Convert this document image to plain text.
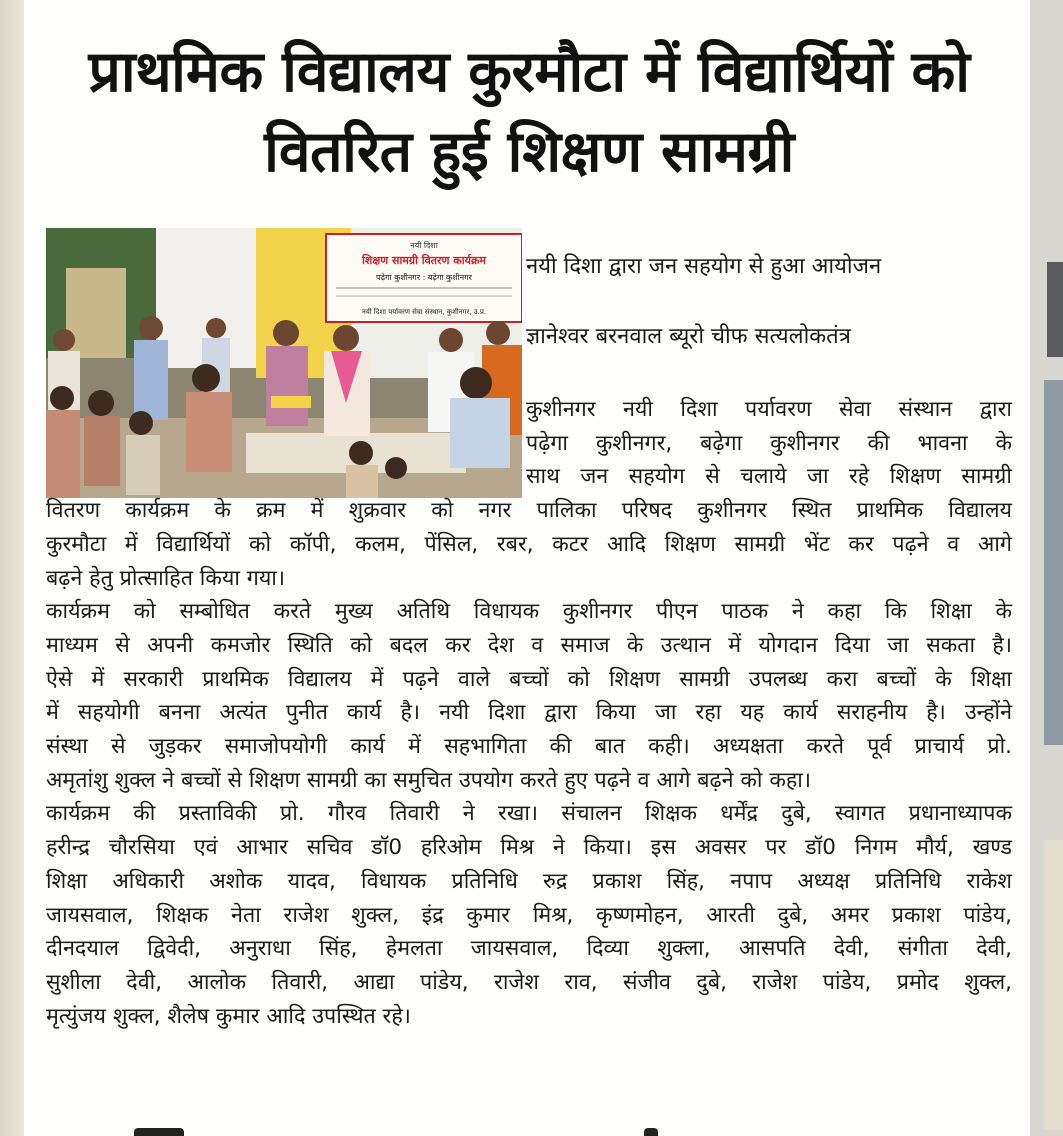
प्राथमिक विद्यालय कुरमौटा में विद्यार्थियों को वितरित हुई शिक्षण सामग्री
नयी दिशा
शिक्षण सामग्री वितरण कार्यक्रम
पढ़ेगा कुशीनगर : बढ़ेगा कुशीनगर
नयी दिशा पर्यावरण सेवा संस्थान, कुशीनगर, उ.प्र.

नयी दिशा द्वारा जन सहयोग से हुआ आयोजन

ज्ञानेश्वर बरनवाल ब्यूरो चीफ सत्यलोकतंत्र

कुशीनगर नयी दिशा पर्यावरण सेवा संस्थान द्वारा

पढ़ेगा कुशीनगर, बढ़ेगा कुशीनगर की भावना के

साथ जन सहयोग से चलाये जा रहे शिक्षण सामग्री

वितरण कार्यक्रम के क्रम में शुक्रवार को नगर पालिका परिषद कुशीनगर स्थित प्राथमिक विद्यालय

कुरमौटा में विद्यार्थियों को कॉपी, कलम, पेंसिल, रबर, कटर आदि शिक्षण सामग्री भेंट कर पढ़ने व आगे

बढ़ने हेतु प्रोत्साहित किया गया।

कार्यक्रम को सम्बोधित करते मुख्य अतिथि विधायक कुशीनगर पीएन पाठक ने कहा कि शिक्षा के

माध्यम से अपनी कमजोर स्थिति को बदल कर देश व समाज के उत्थान में योगदान दिया जा सकता है।

ऐसे में सरकारी प्राथमिक विद्यालय में पढ़ने वाले बच्चों को शिक्षण सामग्री उपलब्ध करा बच्चों के शिक्षा

में सहयोगी बनना अत्यंत पुनीत कार्य है। नयी दिशा द्वारा किया जा रहा यह कार्य सराहनीय है। उन्होंने

संस्था से जुड़कर समाजोपयोगी कार्य में सहभागिता की बात कही। अध्यक्षता करते पूर्व प्राचार्य प्रो.

अमृतांशु शुक्ल ने बच्चों से शिक्षण सामग्री का समुचित उपयोग करते हुए पढ़ने व आगे बढ़ने को कहा।

कार्यक्रम की प्रस्ताविकी प्रो. गौरव तिवारी ने रखा। संचालन शिक्षक धर्मेंद्र दुबे, स्वागत प्रधानाध्यापक

हरीन्द्र चौरसिया एवं आभार सचिव डॉ0 हरिओम मिश्र ने किया। इस अवसर पर डॉ0 निगम मौर्य, खण्ड

शिक्षा अधिकारी अशोक यादव, विधायक प्रतिनिधि रुद्र प्रकाश सिंह, नपाप अध्यक्ष प्रतिनिधि राकेश

जायसवाल, शिक्षक नेता राजेश शुक्ल, इंद्र कुमार मिश्र, कृष्णमोहन, आरती दुबे, अमर प्रकाश पांडेय,

दीनदयाल द्विवेदी, अनुराधा सिंह, हेमलता जायसवाल, दिव्या शुक्ला, आसपति देवी, संगीता देवी,

सुशीला देवी, आलोक तिवारी, आद्या पांडेय, राजेश राव, संजीव दुबे, राजेश पांडेय, प्रमोद शुक्ल,

मृत्युंजय शुक्ल, शैलेष कुमार आदि उपस्थित रहे।
